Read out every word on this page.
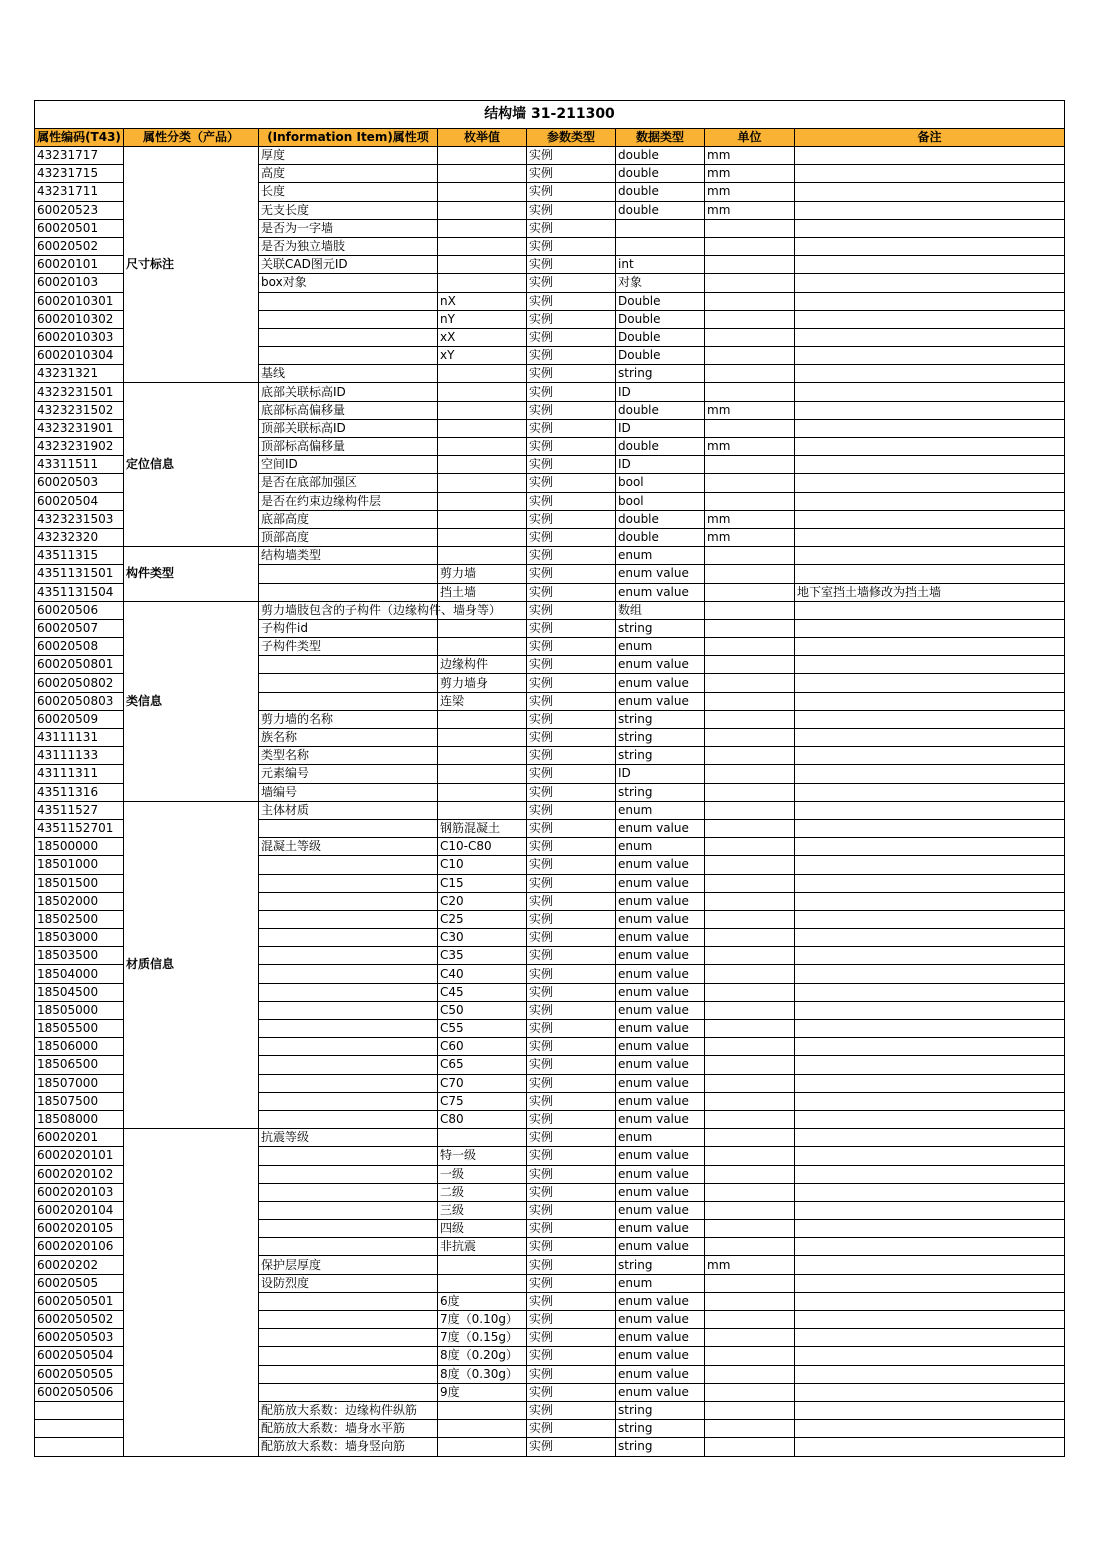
结构墙 31-211300							
属性编码(T43)	属性分类（产品）	(Information Item)属性项	枚举值	参数类型	数据类型	单位	备注
43231717	尺寸标注	厚度		实例	double	mm	
43231715		高度		实例	double	mm	
43231711		长度		实例	double	mm	
60020523		无支长度		实例	double	mm	
60020501		是否为一字墙		实例			
60020502		是否为独立墙肢		实例			
60020101		关联CAD图元ID		实例	int		
60020103		box对象		实例	对象		
6002010301			nX	实例	Double		
6002010302			nY	实例	Double		
6002010303			xX	实例	Double		
6002010304			xY	实例	Double		
43231321		基线		实例	string		
4323231501	定位信息	底部关联标高ID		实例	ID		
4323231502		底部标高偏移量		实例	double	mm	
4323231901		顶部关联标高ID		实例	ID		
4323231902		顶部标高偏移量		实例	double	mm	
43311511		空间ID		实例	ID		
60020503		是否在底部加强区		实例	bool		
60020504		是否在约束边缘构件层		实例	bool		
4323231503		底部高度		实例	double	mm	
43232320		顶部高度		实例	double	mm	
43511315	构件类型	结构墙类型		实例	enum		
4351131501			剪力墙	实例	enum value		
4351131504			挡土墙	实例	enum value		地下室挡土墙修改为挡土墙
60020506	类信息	剪力墙肢包含的子构件（边缘构件、墙身等）		实例	数组		
60020507		子构件id		实例	string		
60020508		子构件类型		实例	enum		
6002050801			边缘构件	实例	enum value		
6002050802			剪力墙身	实例	enum value		
6002050803			连梁	实例	enum value		
60020509		剪力墙的名称		实例	string		
43111131		族名称		实例	string		
43111133		类型名称		实例	string		
43111311		元素编号		实例	ID		
43511316		墙编号		实例	string		
43511527	材质信息	主体材质		实例	enum		
4351152701			钢筋混凝土	实例	enum value		
18500000		混凝土等级	C10-C80	实例	enum		
18501000			C10	实例	enum value		
18501500			C15	实例	enum value		
18502000			C20	实例	enum value		
18502500			C25	实例	enum value		
18503000			C30	实例	enum value		
18503500			C35	实例	enum value		
18504000			C40	实例	enum value		
18504500			C45	实例	enum value		
18505000			C50	实例	enum value		
18505500			C55	实例	enum value		
18506000			C60	实例	enum value		
18506500			C65	实例	enum value		
18507000			C70	实例	enum value		
18507500			C75	实例	enum value		
18508000			C80	实例	enum value		
60020201		抗震等级		实例	enum		
6002020101			特一级	实例	enum value		
6002020102			一级	实例	enum value		
6002020103			二级	实例	enum value		
6002020104			三级	实例	enum value		
6002020105			四级	实例	enum value		
6002020106			非抗震	实例	enum value		
60020202		保护层厚度		实例	string	mm	
60020505		设防烈度		实例	enum		
6002050501			6度	实例	enum value		
6002050502			7度（0.10g）	实例	enum value		
6002050503			7度（0.15g）	实例	enum value		
6002050504			8度（0.20g）	实例	enum value		
6002050505			8度（0.30g）	实例	enum value		
6002050506			9度	实例	enum value		
		配筋放大系数：边缘构件纵筋		实例	string		
		配筋放大系数：墙身水平筋		实例	string		
		配筋放大系数：墙身竖向筋		实例	string		
